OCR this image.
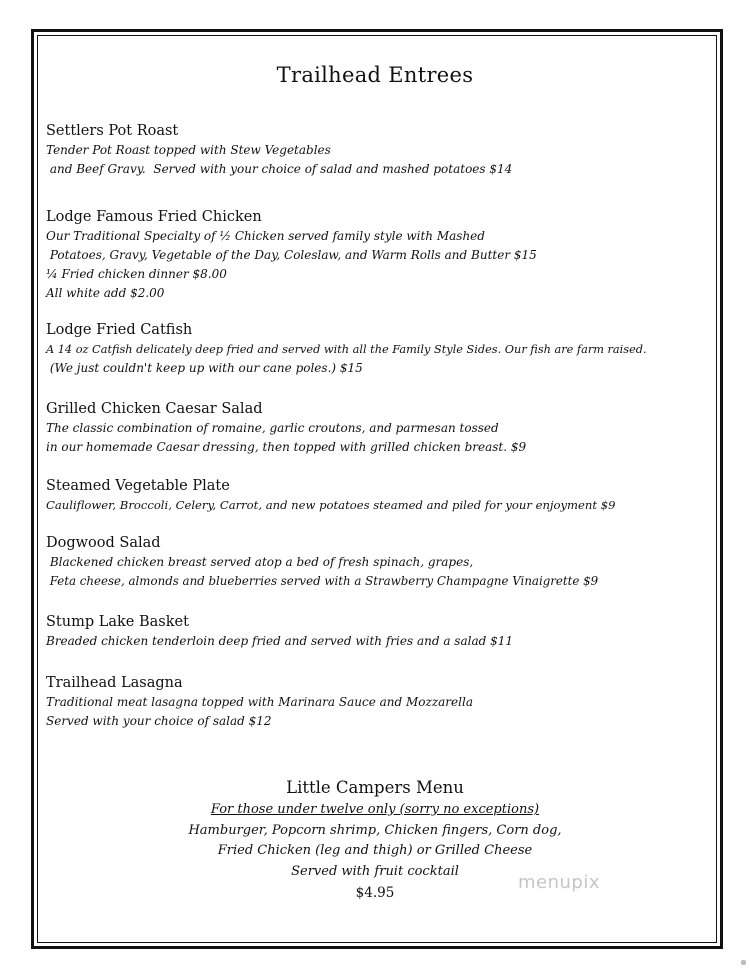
Trailhead Entrees
Settlers Pot Roast
Tender Pot Roast topped with Stew Vegetables
and Beef Gravy.  Served with your choice of salad and mashed potatoes $14
Lodge Famous Fried Chicken
Our Traditional Specialty of ½ Chicken served family style with Mashed
Potatoes, Gravy, Vegetable of the Day, Coleslaw, and Warm Rolls and Butter $15
¼ Fried chicken dinner $8.00
All white add $2.00
Lodge Fried Catfish
A 14 oz Catfish delicately deep fried and served with all the Family Style Sides. Our fish are farm raised.
(We just couldn't keep up with our cane poles.) $15
Grilled Chicken Caesar Salad
The classic combination of romaine, garlic croutons, and parmesan tossed
in our homemade Caesar dressing, then topped with grilled chicken breast. $9
Steamed Vegetable Plate
Cauliflower, Broccoli, Celery, Carrot, and new potatoes steamed and piled for your enjoyment $9
Dogwood Salad
Blackened chicken breast served atop a bed of fresh spinach, grapes,
Feta cheese, almonds and blueberries served with a Strawberry Champagne Vinaigrette $9
Stump Lake Basket
Breaded chicken tenderloin deep fried and served with fries and a salad $11
Trailhead Lasagna
Traditional meat lasagna topped with Marinara Sauce and Mozzarella
Served with your choice of salad $12
Little Campers Menu
For those under twelve only (sorry no exceptions)
Hamburger, Popcorn shrimp, Chicken fingers, Corn dog,
Fried Chicken (leg and thigh) or Grilled Cheese
Served with fruit cocktail
$4.95	menupix
